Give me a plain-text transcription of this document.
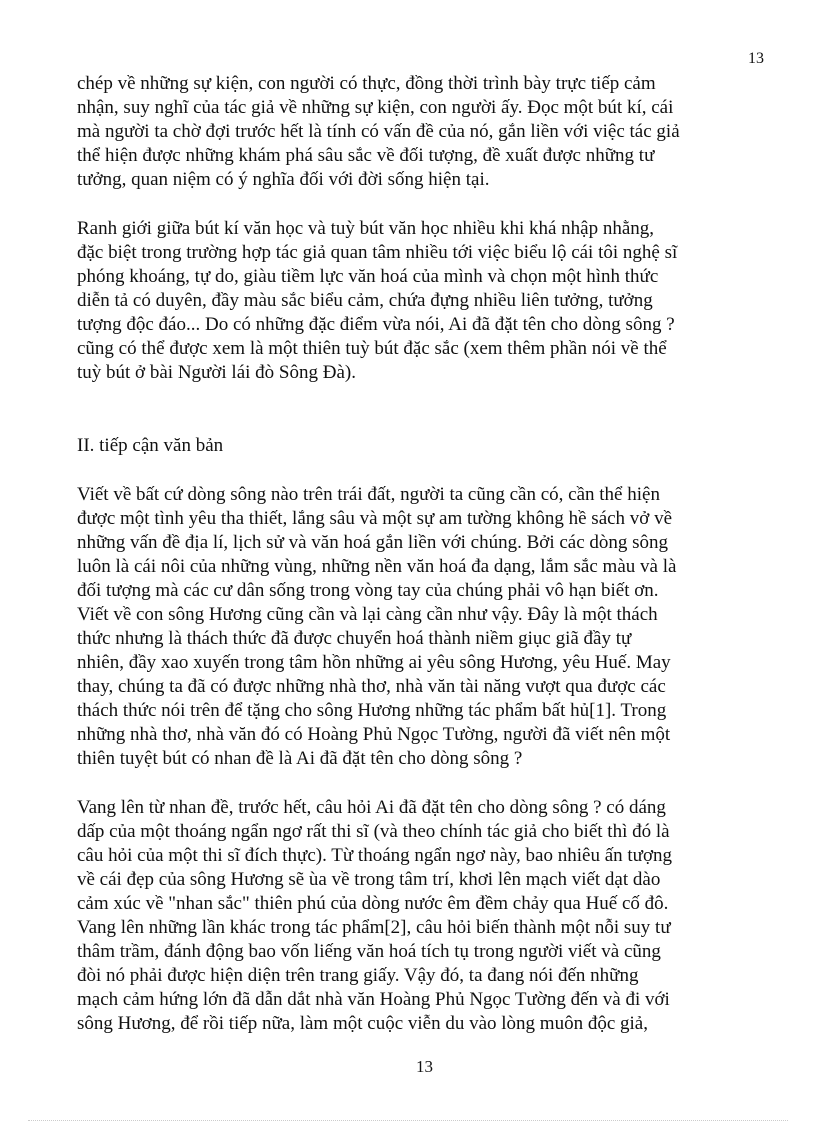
13
chép về những sự kiện, con người có thực, đồng thời trình bày trực tiếp cảm
nhận, suy nghĩ của tác giả về những sự kiện, con người ấy. Đọc một bút kí, cái
mà người ta chờ đợi trước hết là tính có vấn đề của nó, gắn liền với việc tác giả
thể hiện được những khám phá sâu sắc về đối tượng, đề xuất được những tư
tưởng, quan niệm có ý nghĩa đối với đời sống hiện tại.
Ranh giới giữa bút kí văn học và tuỳ bút văn học nhiều khi khá nhập nhằng,
đặc biệt trong trường hợp tác giả quan tâm nhiều tới việc biểu lộ cái tôi nghệ sĩ
phóng khoáng, tự do, giàu tiềm lực văn hoá của mình và chọn một hình thức
diễn tả có duyên, đầy màu sắc biểu cảm, chứa đựng nhiều liên tưởng, tưởng
tượng độc đáo... Do có những đặc điểm vừa nói, Ai đã đặt tên cho dòng sông ?
cũng có thể được xem là một thiên tuỳ bút đặc sắc (xem thêm phần nói về thể
tuỳ bút ở bài Người lái đò Sông Đà).
II. tiếp cận văn bản
Viết về bất cứ dòng sông nào trên trái đất, người ta cũng cần có, cần thể hiện
được một tình yêu tha thiết, lắng sâu và một sự am tường không hề sách vở về
những vấn đề địa lí, lịch sử và văn hoá gắn liền với chúng. Bởi các dòng sông
luôn là cái nôi của những vùng, những nền văn hoá đa dạng, lắm sắc màu và là
đối tượng mà các cư dân sống trong vòng tay của chúng phải vô hạn biết ơn.
Viết về con sông Hương cũng cần và lại càng cần như vậy. Đây là một thách
thức nhưng là thách thức đã được chuyển hoá thành niềm giục giã đầy tự
nhiên, đầy xao xuyến trong tâm hồn những ai yêu sông Hương, yêu Huế. May
thay, chúng ta đã có được những nhà thơ, nhà văn tài năng vượt qua được các
thách thức nói trên để tặng cho sông Hương những tác phẩm bất hủ[1]. Trong
những nhà thơ, nhà văn đó có Hoàng Phủ Ngọc Tường, người đã viết nên một
thiên tuyệt bút có nhan đề là Ai đã đặt tên cho dòng sông ?
Vang lên từ nhan đề, trước hết, câu hỏi Ai đã đặt tên cho dòng sông ? có dáng
dấp của một thoáng ngẩn ngơ rất thi sĩ (và theo chính tác giả cho biết thì đó là
câu hỏi của một thi sĩ đích thực). Từ thoáng ngẩn ngơ này, bao nhiêu ấn tượng
về cái đẹp của sông Hương sẽ ùa về trong tâm trí, khơi lên mạch viết dạt dào
cảm xúc về "nhan sắc" thiên phú của dòng nước êm đềm chảy qua Huế cố đô.
Vang lên những lần khác trong tác phẩm[2], câu hỏi biến thành một nỗi suy tư
thâm trầm, đánh động bao vốn liếng văn hoá tích tụ trong người viết và cũng
đòi nó phải được hiện diện trên trang giấy. Vậy đó, ta đang nói đến những
mạch cảm hứng lớn đã dẫn dắt nhà văn Hoàng Phủ Ngọc Tường đến và đi với
sông Hương, để rồi tiếp nữa, làm một cuộc viễn du vào lòng muôn độc giả,
13
